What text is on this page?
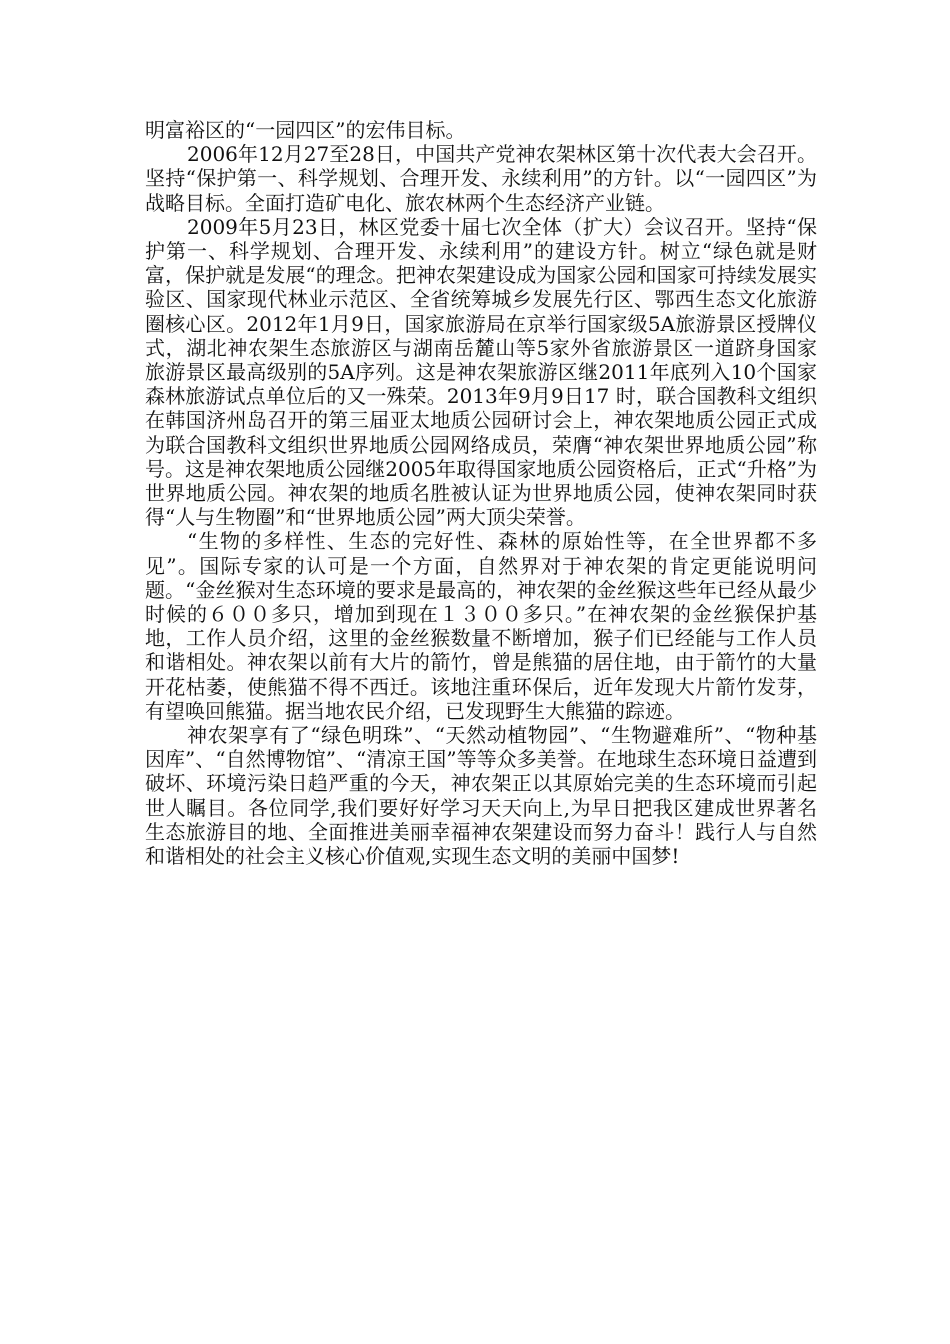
明富裕区的“一园四区”的宏伟目标。

2006年12月27至28日，中国共产党神农架林区第十次代表大会召开。坚持“保护第一、科学规划、合理开发、永续利用”的方针。以“一园四区”为战略目标。全面打造矿电化、旅农林两个生态经济产业链。

2009年5月23日，林区党委十届七次全体（扩大）会议召开。坚持“保护第一、科学规划、合理开发、永续利用”的建设方针。树立“绿色就是财富，保护就是发展“的理念。把神农架建设成为国家公园和国家可持续发展实验区、国家现代林业示范区、全省统筹城乡发展先行区、鄂西生态文化旅游圈核心区。2012年1月9日，国家旅游局在京举行国家级5A旅游景区授牌仪式，湖北神农架生态旅游区与湖南岳麓山等5家外省旅游景区一道跻身国家旅游景区最高级别的5A序列。这是神农架旅游区继2011年底列入10个国家森林旅游试点单位后的又一殊荣。2013年9月9日17 时，联合国教科文组织在韩国济州岛召开的第三届亚太地质公园研讨会上，神农架地质公园正式成为联合国教科文组织世界地质公园网络成员，荣膺“神农架世界地质公园”称号。这是神农架地质公园继2005年取得国家地质公园资格后，正式“升格”为世界地质公园。神农架的地质名胜被认证为世界地质公园，使神农架同时获得“人与生物圈”和“世界地质公园”两大顶尖荣誉。

“生物的多样性、生态的完好性、森林的原始性等，在全世界都不多见”。国际专家的认可是一个方面，自然界对于神农架的肯定更能说明问题。“金丝猴对生态环境的要求是最高的，神农架的金丝猴这些年已经从最少时候的６００多只，增加到现在１３００多只。”在神农架的金丝猴保护基地，工作人员介绍，这里的金丝猴数量不断增加，猴子们已经能与工作人员和谐相处。神农架以前有大片的箭竹，曾是熊猫的居住地，由于箭竹的大量开花枯萎，使熊猫不得不西迁。该地注重环保后，近年发现大片箭竹发芽，有望唤回熊猫。据当地农民介绍，已发现野生大熊猫的踪迹。

神农架享有了“绿色明珠”、“天然动植物园”、“生物避难所”、“物种基因库”、“自然博物馆”、“清凉王国”等等众多美誉。在地球生态环境日益遭到破坏、环境污染日趋严重的今天，神农架正以其原始完美的生态环境而引起世人瞩目。各位同学,我们要好好学习天天向上,为早日把我区建成世界著名生态旅游目的地、全面推进美丽幸福神农架建设而努力奋斗！践行人与自然和谐相处的社会主义核心价值观,实现生态文明的美丽中国梦!
